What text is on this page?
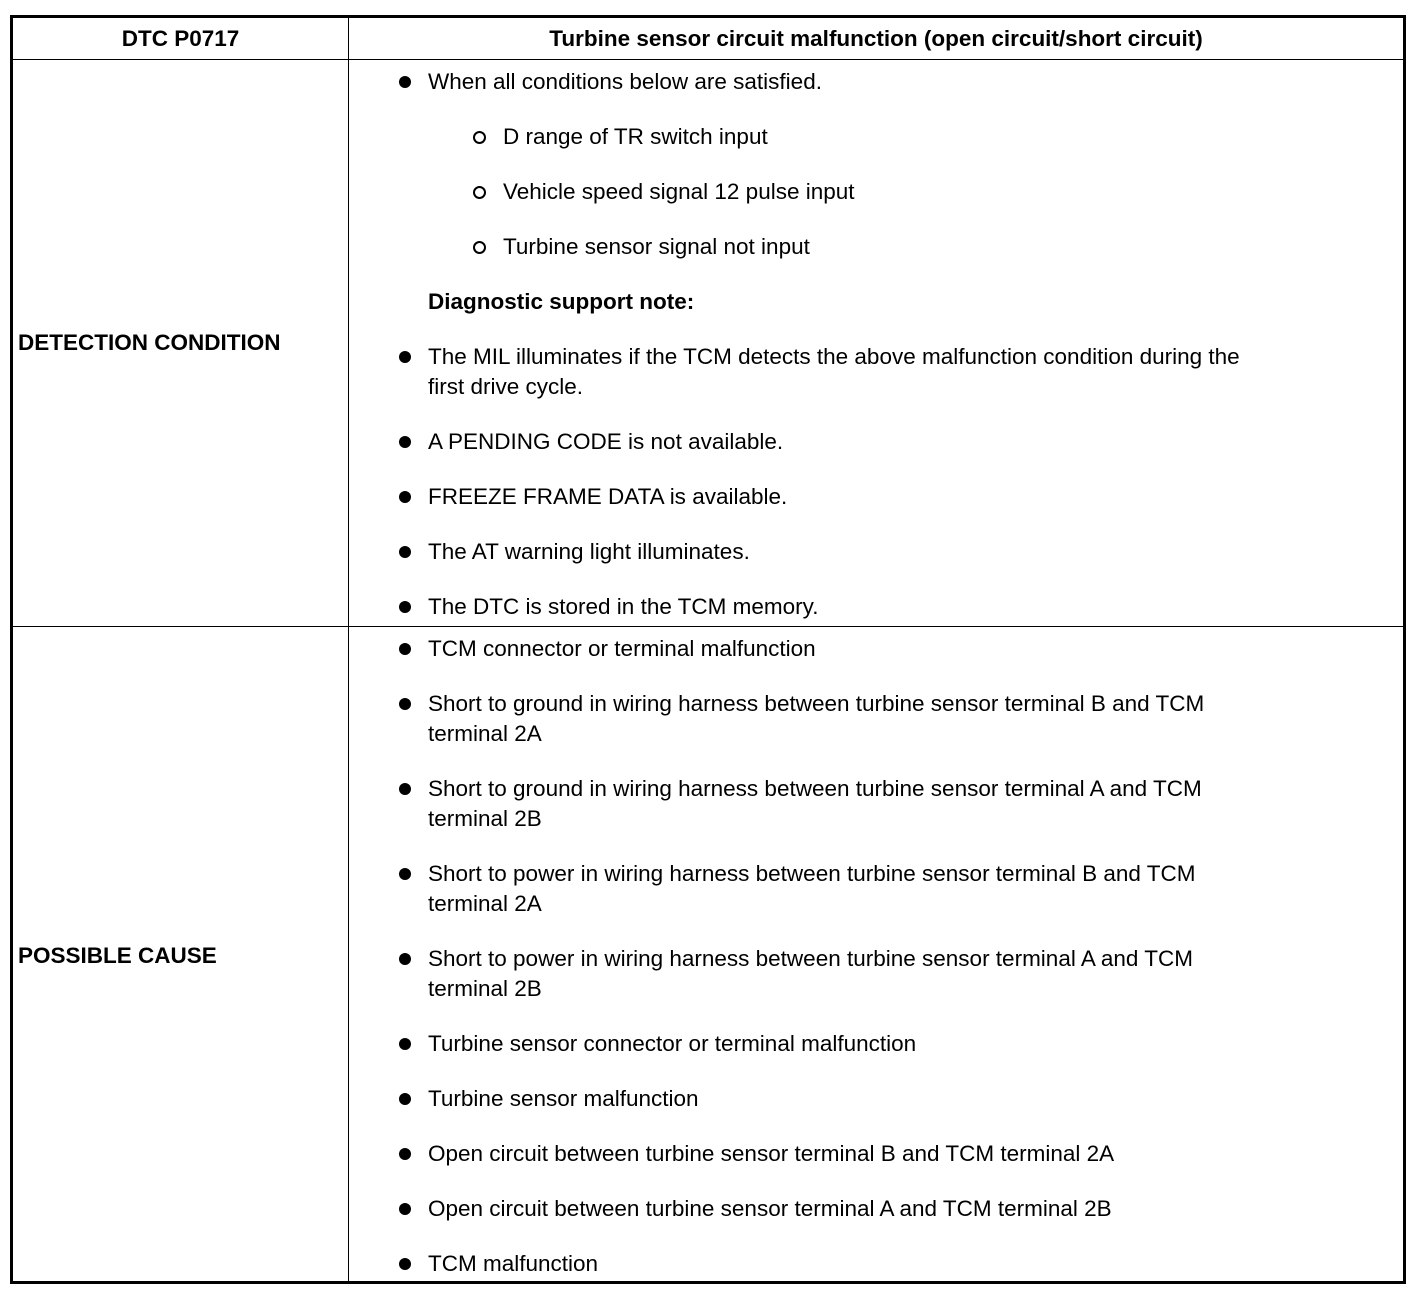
DTC P0717	Turbine sensor circuit malfunction (open circuit/short circuit)
DETECTION CONDITION
When all conditions below are satisfied.
D range of TR switch input
Vehicle speed signal 12 pulse input
Turbine sensor signal not input
Diagnostic support note:
The MIL illuminates if the TCM detects the above malfunction condition during the
first drive cycle.
A PENDING CODE is not available.
FREEZE FRAME DATA is available.
The AT warning light illuminates.
The DTC is stored in the TCM memory.
POSSIBLE CAUSE
TCM connector or terminal malfunction
Short to ground in wiring harness between turbine sensor terminal B and TCM
terminal 2A
Short to ground in wiring harness between turbine sensor terminal A and TCM
terminal 2B
Short to power in wiring harness between turbine sensor terminal B and TCM
terminal 2A
Short to power in wiring harness between turbine sensor terminal A and TCM
terminal 2B
Turbine sensor connector or terminal malfunction
Turbine sensor malfunction
Open circuit between turbine sensor terminal B and TCM terminal 2A
Open circuit between turbine sensor terminal A and TCM terminal 2B
TCM malfunction
